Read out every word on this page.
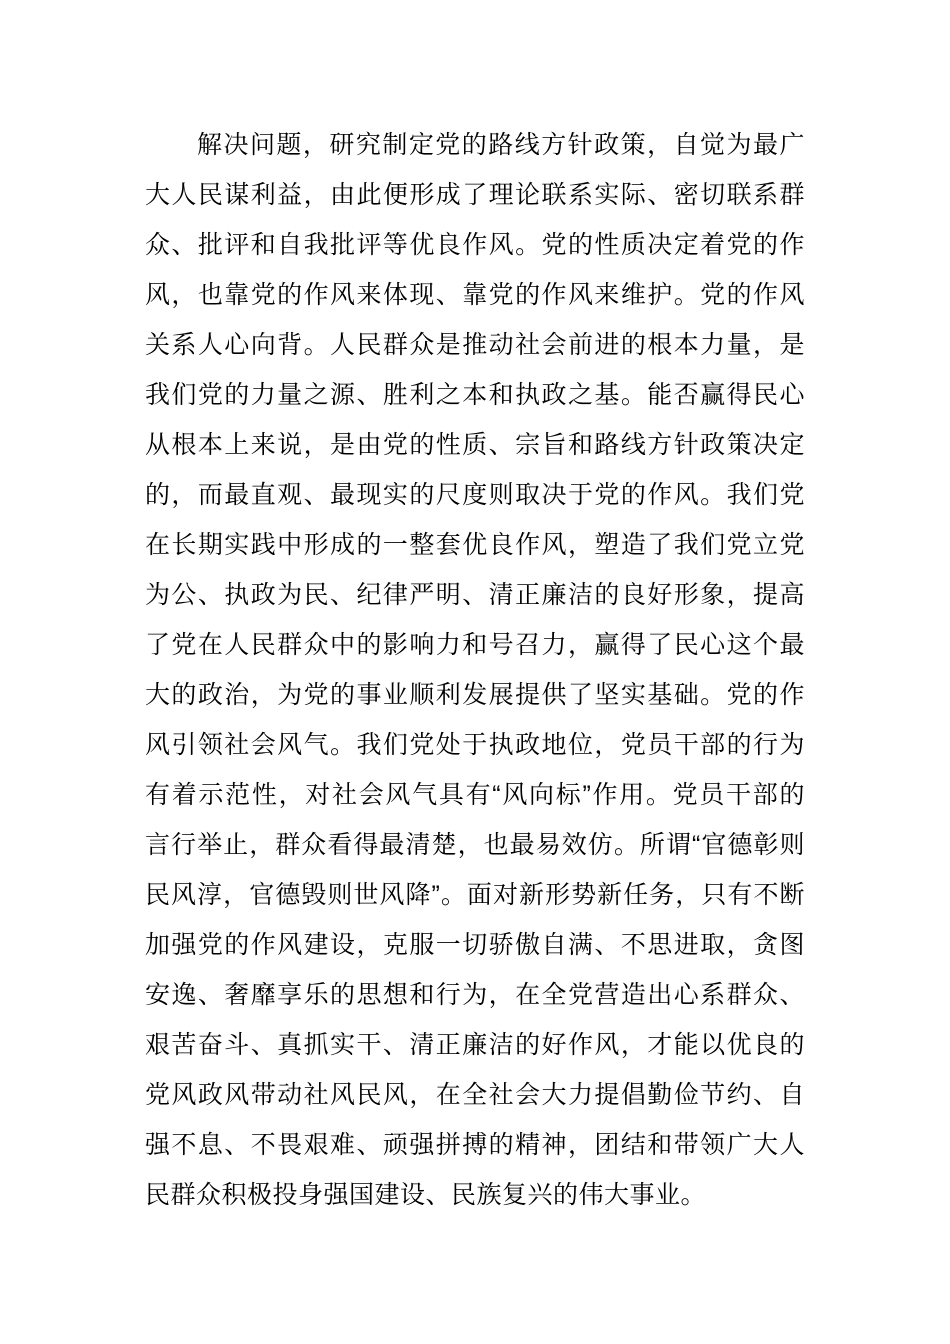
解决问题，研究制定党的路线方针政策，自觉为最广
大人民谋利益，由此便形成了理论联系实际、密切联系群
众、批评和自我批评等优良作风。党的性质决定着党的作
风，也靠党的作风来体现、靠党的作风来维护。党的作风
关系人心向背。人民群众是推动社会前进的根本力量，是
我们党的力量之源、胜利之本和执政之基。能否赢得民心
从根本上来说，是由党的性质、宗旨和路线方针政策决定
的，而最直观、最现实的尺度则取决于党的作风。我们党
在长期实践中形成的一整套优良作风，塑造了我们党立党
为公、执政为民、纪律严明、清正廉洁的良好形象，提高
了党在人民群众中的影响力和号召力，赢得了民心这个最
大的政治，为党的事业顺利发展提供了坚实基础。党的作
风引领社会风气。我们党处于执政地位，党员干部的行为
有着示范性，对社会风气具有“风向标”作用。党员干部的
言行举止，群众看得最清楚，也最易效仿。所谓“官德彰则
民风淳，官德毁则世风降”。面对新形势新任务，只有不断
加强党的作风建设，克服一切骄傲自满、不思进取，贪图
安逸、奢靡享乐的思想和行为，在全党营造出心系群众、
艰苦奋斗、真抓实干、清正廉洁的好作风，才能以优良的
党风政风带动社风民风，在全社会大力提倡勤俭节约、自
强不息、不畏艰难、顽强拼搏的精神，团结和带领广大人
民群众积极投身强国建设、民族复兴的伟大事业。
